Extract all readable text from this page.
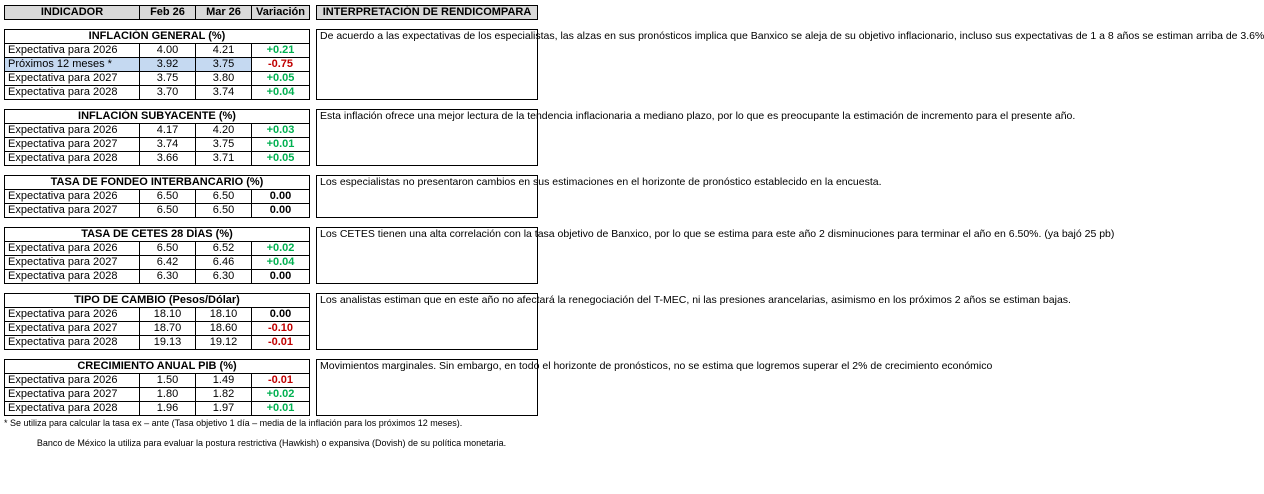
INDICADOR	Feb 26	Mar 26	Variación		INTERPRETACIÓN DE RENDICOMPARA

INFLACIÓN GENERAL (%)					De acuerdo a las expectativas de los especialistas, las alzas en sus pronósticos implica que Banxico se aleja de su objetivo inflacionario, incluso sus expectativas de 1 a 8 años se estiman arriba de 3.6%
Expectativa para 2026	4.00	4.21	+0.21		
Próximos 12 meses *	3.92	3.75	-0.75		
Expectativa para 2027	3.75	3.80	+0.05		
Expectativa para 2028	3.70	3.74	+0.04		

INFLACIÓN SUBYACENTE (%)					Esta inflación ofrece una mejor lectura de la tendencia inflacionaria a mediano plazo, por lo que es preocupante la estimación de incremento para el presente año.
Expectativa para 2026	4.17	4.20	+0.03		
Expectativa para 2027	3.74	3.75	+0.01		
Expectativa para 2028	3.66	3.71	+0.05		

TASA DE FONDEO INTERBANCARIO (%)					Los especialistas no presentaron cambios en sus estimaciones en el horizonte de pronóstico establecido en la encuesta.
Expectativa para 2026	6.50	6.50	0.00		
Expectativa para 2027	6.50	6.50	0.00		

TASA DE CETES 28 DÍAS (%)					Los CETES tienen una alta correlación con la tasa objetivo de Banxico, por lo que se estima para este año 2 disminuciones para terminar el año en 6.50%. (ya bajó 25 pb)
Expectativa para 2026	6.50	6.52	+0.02		
Expectativa para 2027	6.42	6.46	+0.04		
Expectativa para 2028	6.30	6.30	0.00		

TIPO DE CAMBIO (Pesos/Dólar)					Los analistas estiman que en este año no afectará la renegociación del T-MEC, ni las presiones arancelarias, asimismo en los próximos 2 años se estiman bajas.
Expectativa para 2026	18.10	18.10	0.00		
Expectativa para 2027	18.70	18.60	-0.10		
Expectativa para 2028	19.13	19.12	-0.01		

CRECIMIENTO ANUAL PIB (%)					Movimientos marginales. Sin embargo, en todo el horizonte de pronósticos, no se estima que logremos superar el 2% de crecimiento económico
Expectativa para 2026	1.50	1.49	-0.01		
Expectativa para 2027	1.80	1.82	+0.02		
Expectativa para 2028	1.96	1.97	+0.01		

* Se utiliza para calcular la tasa ex – ante (Tasa objetivo 1 día – media de la inflación para los próximos 12 meses).

Banco de México la utiliza para evaluar la postura restrictiva (Hawkish) o expansiva (Dovish) de su política monetaria.
